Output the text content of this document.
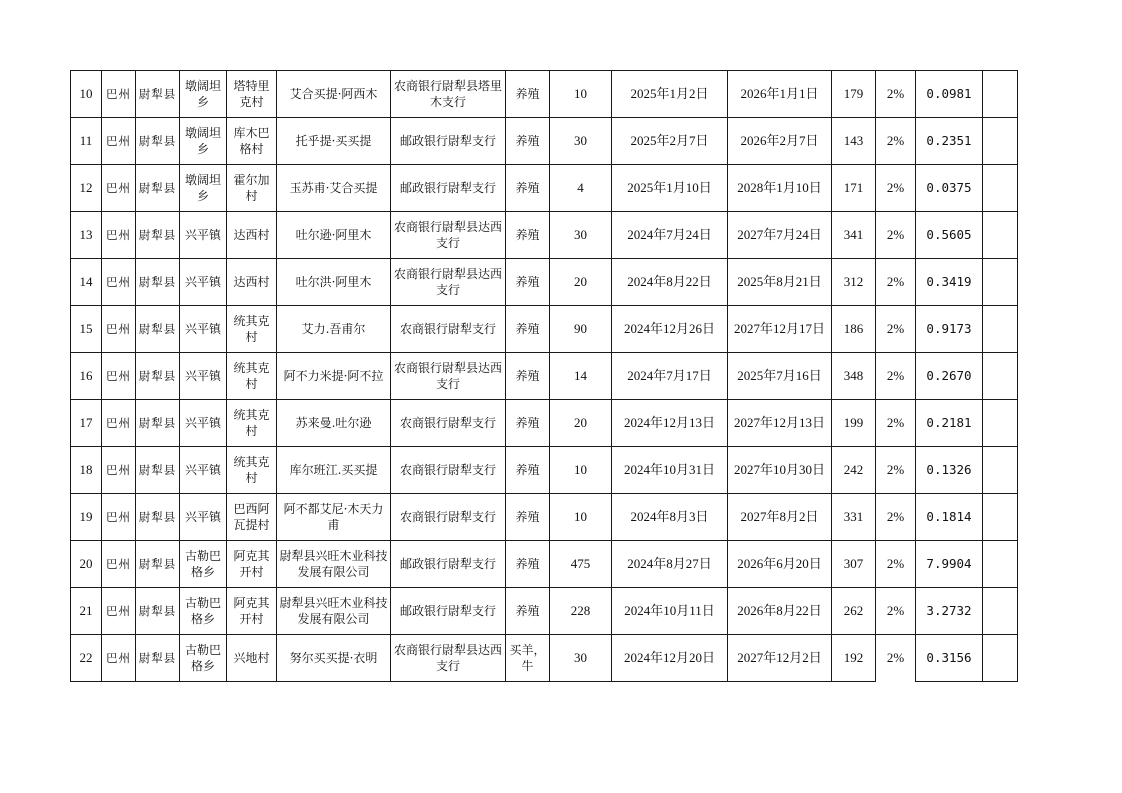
10	巴州	尉犁县	墩阔坦乡	塔特里克村	艾合买提·阿西木	农商银行尉犁县塔里木支行	养殖	10	2025年1月2日	2026年1月1日	179	2%	0.0981	
11	巴州	尉犁县	墩阔坦乡	库木巴格村	托乎提·买买提	邮政银行尉犁支行	养殖	30	2025年2月7日	2026年2月7日	143	2%	0.2351	
12	巴州	尉犁县	墩阔坦乡	霍尔加村	玉苏甫·艾合买提	邮政银行尉犁支行	养殖	4	2025年1月10日	2028年1月10日	171	2%	0.0375	
13	巴州	尉犁县	兴平镇	达西村	吐尔逊·阿里木	农商银行尉犁县达西支行	养殖	30	2024年7月24日	2027年7月24日	341	2%	0.5605	
14	巴州	尉犁县	兴平镇	达西村	吐尔洪·阿里木	农商银行尉犁县达西支行	养殖	20	2024年8月22日	2025年8月21日	312	2%	0.3419	
15	巴州	尉犁县	兴平镇	统其克村	艾力.吾甫尔	农商银行尉犁支行	养殖	90	2024年12月26日	2027年12月17日	186	2%	0.9173	
16	巴州	尉犁县	兴平镇	统其克村	阿不力米提·阿不拉	农商银行尉犁县达西支行	养殖	14	2024年7月17日	2025年7月16日	348	2%	0.2670	
17	巴州	尉犁县	兴平镇	统其克村	苏来曼.吐尔逊	农商银行尉犁支行	养殖	20	2024年12月13日	2027年12月13日	199	2%	0.2181	
18	巴州	尉犁县	兴平镇	统其克村	库尔班江.买买提	农商银行尉犁支行	养殖	10	2024年10月31日	2027年10月30日	242	2%	0.1326	
19	巴州	尉犁县	兴平镇	巴西阿瓦提村	阿不都艾尼·木天力甫	农商银行尉犁支行	养殖	10	2024年8月3日	2027年8月2日	331	2%	0.1814	
20	巴州	尉犁县	古勒巴格乡	阿克其开村	尉犁县兴旺木业科技发展有限公司	邮政银行尉犁支行	养殖	475	2024年8月27日	2026年6月20日	307	2%	7.9904	
21	巴州	尉犁县	古勒巴格乡	阿克其开村	尉犁县兴旺木业科技发展有限公司	邮政银行尉犁支行	养殖	228	2024年10月11日	2026年8月22日	262	2%	3.2732	
22	巴州	尉犁县	古勒巴格乡	兴地村	努尔买买提·衣明	农商银行尉犁县达西支行	买羊，牛	30	2024年12月20日	2027年12月2日	192	2%	0.3156	
